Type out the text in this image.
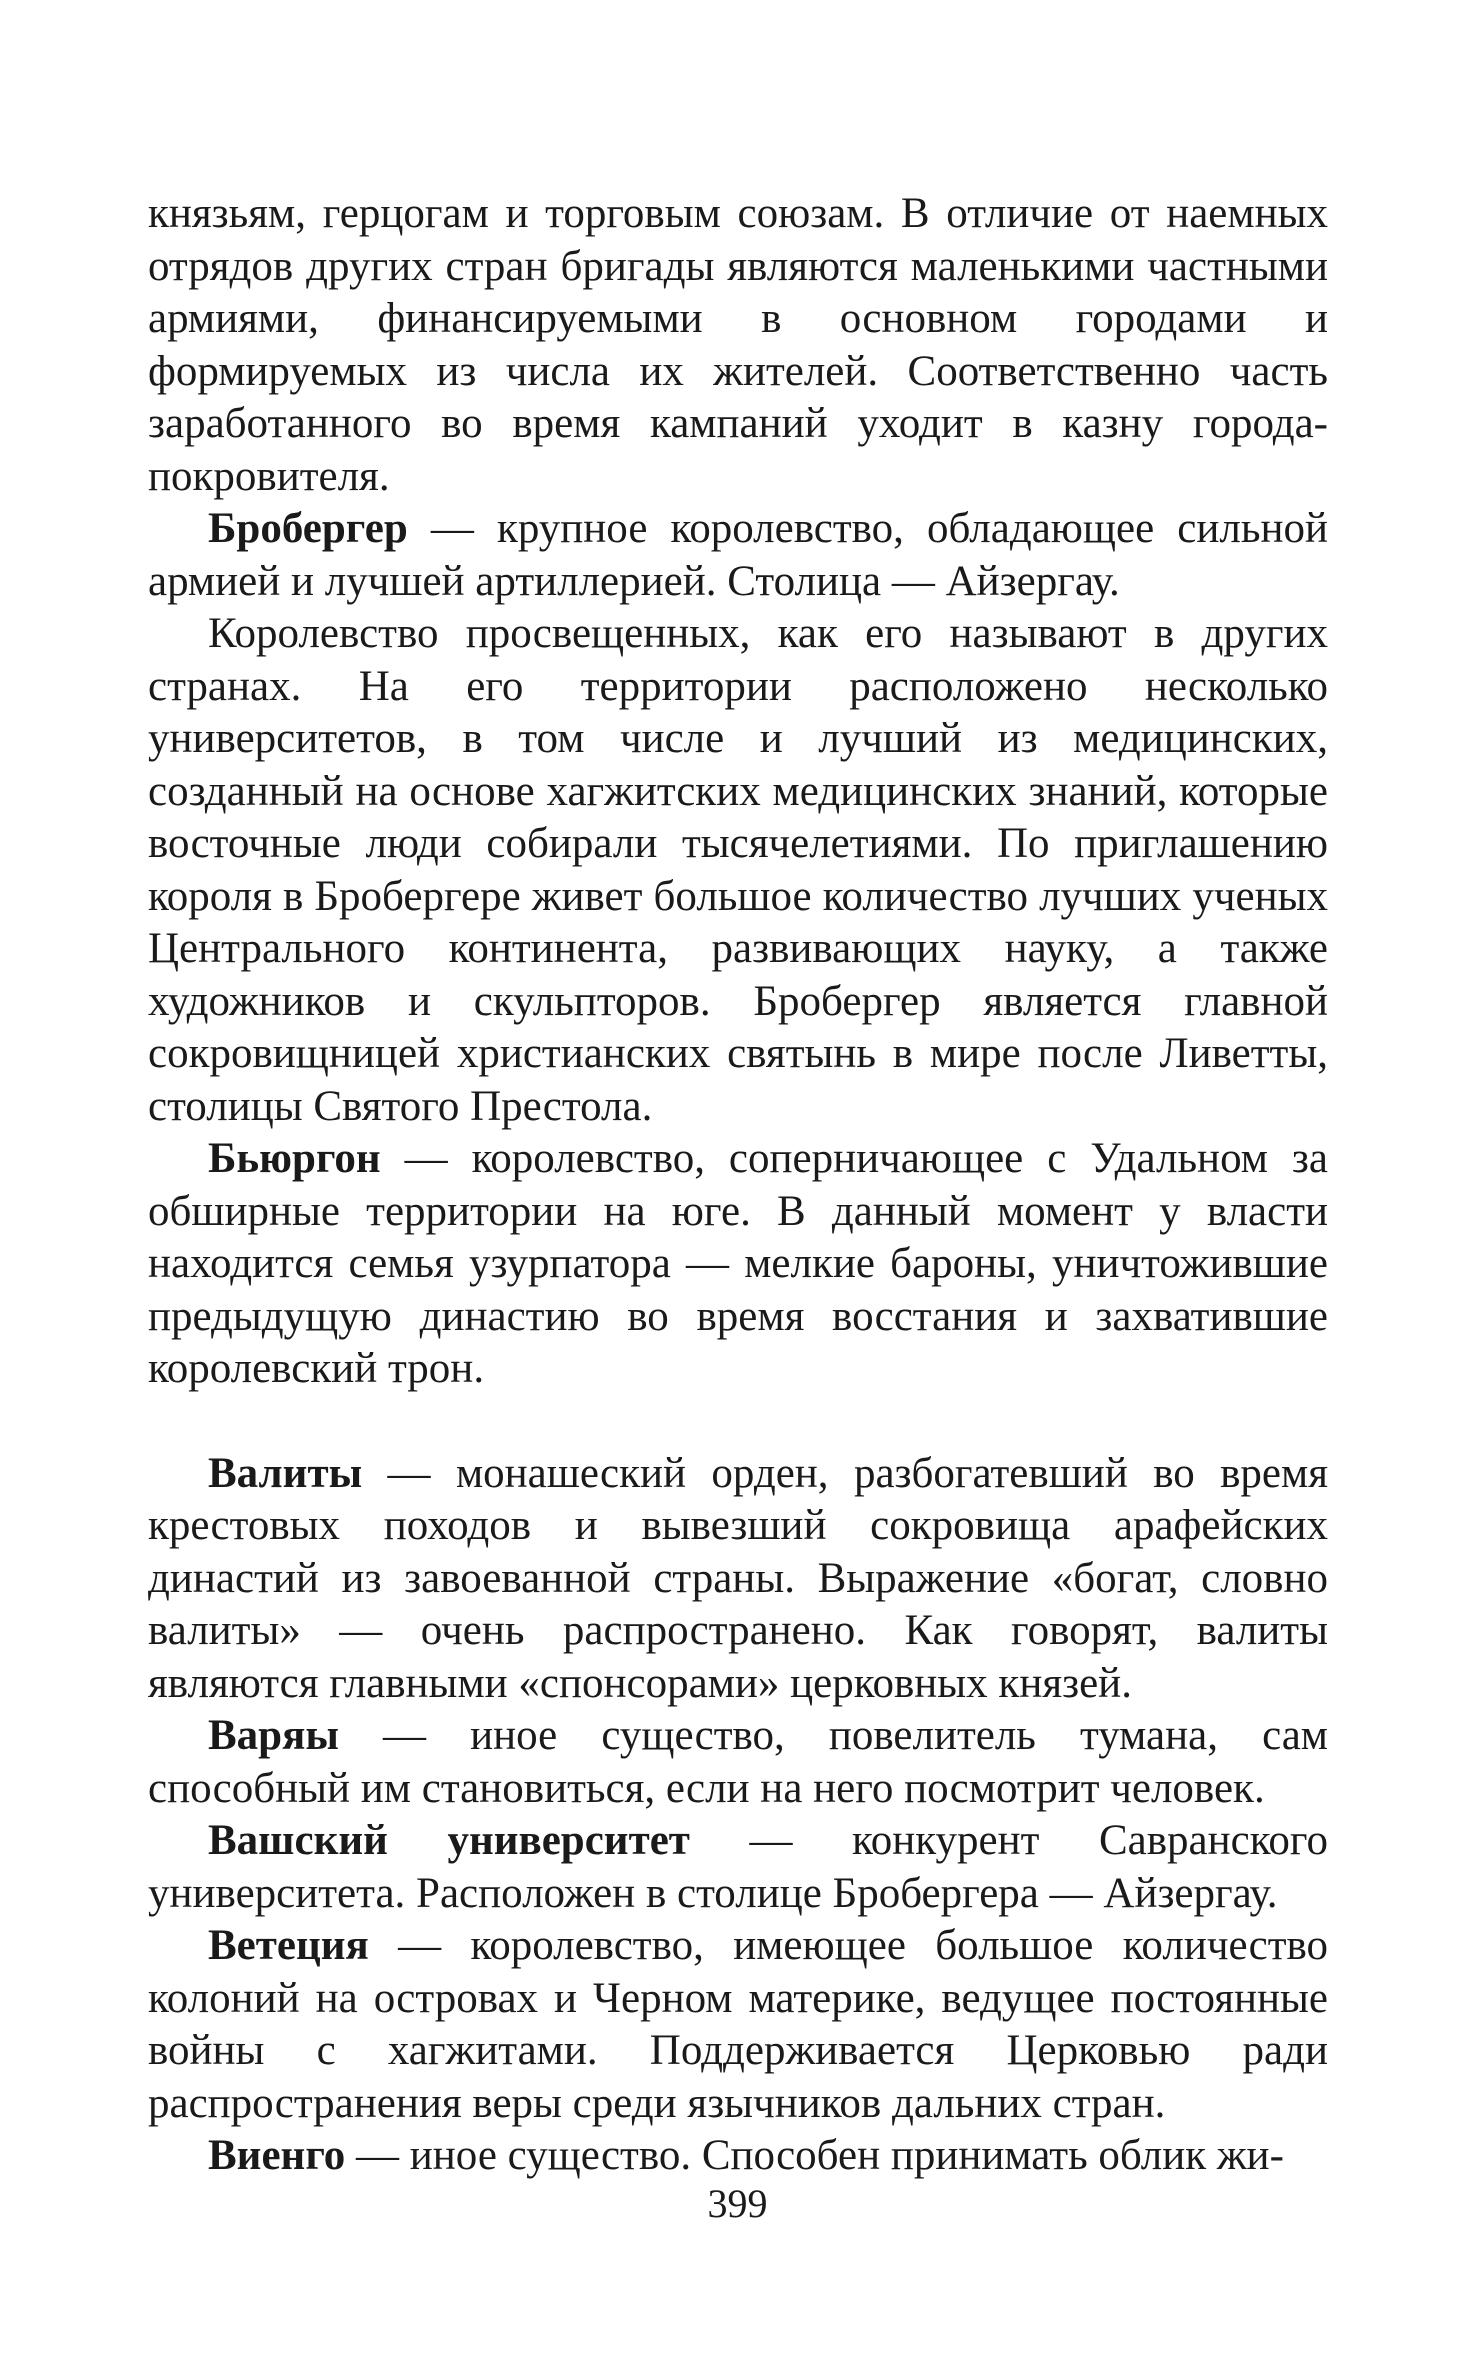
князьям, герцогам и торговым союзам. В отличие от наемных отрядов других стран бригады являются маленькими частными армиями, финансируемыми в основном городами и формируемых из числа их жителей. Соответственно часть заработанного во время кампаний уходит в казну города-покровителя.

Бробергер — крупное королевство, обладающее сильной армией и лучшей артиллерией. Столица — Айзергау.

Королевство просвещенных, как его называют в других странах. На его территории расположено несколько университетов, в том числе и лучший из медицинских, созданный на основе хагжитских медицинских знаний, которые восточные люди собирали тысячелетиями. По приглашению короля в Бробергере живет большое количество лучших ученых Центрального континента, развивающих науку, а также художников и скульпторов. Бробергер является главной сокровищницей христианских святынь в мире после Ливетты, столицы Святого Престола.

Бьюргон — королевство, соперничающее с Удальном за обширные территории на юге. В данный момент у власти находится семья узурпатора — мелкие бароны, уничтожившие предыдущую династию во время восстания и захватившие королевский трон.

Валиты — монашеский орден, разбогатевший во время крестовых походов и вывезший сокровища арафейских династий из завоеванной страны. Выражение «богат, словно валиты» — очень распространено. Как говорят, валиты являются главными «спонсорами» церковных князей.

Варяы — иное существо, повелитель тумана, сам способный им становиться, если на него посмотрит человек.

Вашский университет — конкурент Савранского университета. Расположен в столице Бробергера — Айзергау.

Ветеция — королевство, имеющее большое количество колоний на островах и Черном материке, ведущее постоянные войны с хагжитами. Поддерживается Церковью ради распространения веры среди язычников дальних стран.

Виенго — иное существо. Способен принимать облик жи-

399
